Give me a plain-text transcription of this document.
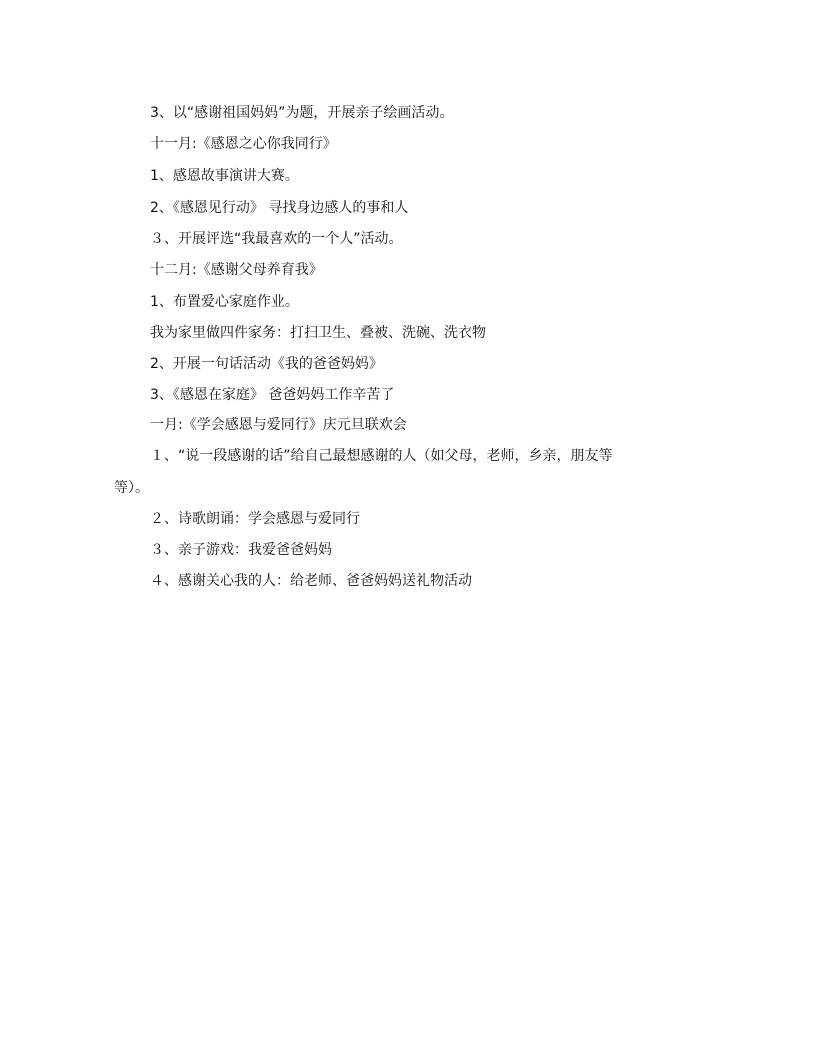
3、以“感谢祖国妈妈”为题，开展亲子绘画活动。
十一月:《感恩之心你我同行》
1、感恩故事演讲大赛。
2、《感恩见行动》 寻找身边感人的事和人
３、开展评选“我最喜欢的一个人”活动。
十二月:《感谢父母养育我》
1、布置爱心家庭作业。
我为家里做四件家务：打扫卫生、叠被、洗碗、洗衣物
2、开展一句话活动《我的爸爸妈妈》
3、《感恩在家庭》 爸爸妈妈工作辛苦了
一月:《学会感恩与爱同行》庆元旦联欢会
１、“说一段感谢的话”给自己最想感谢的人（如父母，老师，乡亲，朋友等
等）。
２、诗歌朗诵：学会感恩与爱同行
３、亲子游戏：我爱爸爸妈妈
４、感谢关心我的人：给老师、爸爸妈妈送礼物活动
